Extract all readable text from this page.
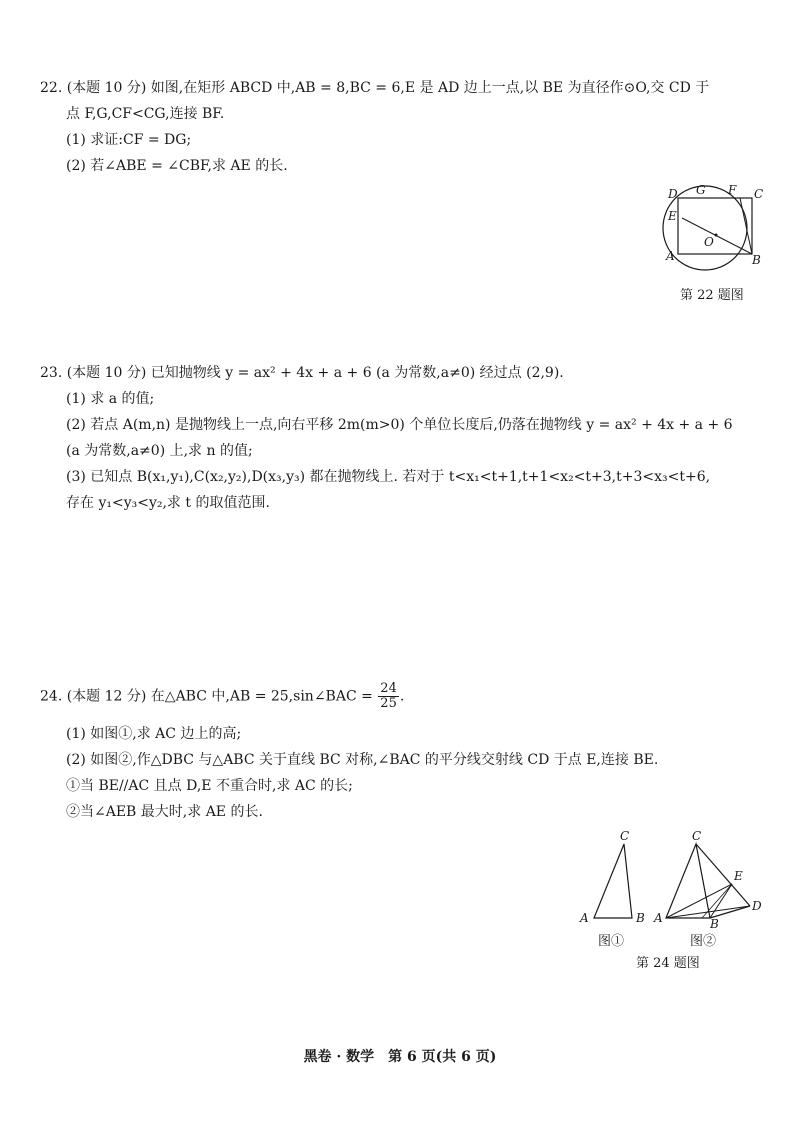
22. (本题 10 分) 如图,在矩形 ABCD 中,AB = 8,BC = 6,E 是 AD 边上一点,以 BE 为直径作⊙O,交 CD 于
点 F,G,CF<CG,连接 BF.
(1) 求证:CF = DG;
(2) 若∠ABE = ∠CBF,求 AE 的长.
D G F C
E
O
A	B
第 22 题图
23. (本题 10 分) 已知抛物线 y = ax² + 4x + a + 6 (a 为常数,a≠0) 经过点 (2,9).
(1) 求 a 的值;
(2) 若点 A(m,n) 是抛物线上一点,向右平移 2m(m>0) 个单位长度后,仍落在抛物线 y = ax² + 4x + a + 6
(a 为常数,a≠0) 上,求 n 的值;
(3) 已知点 B(x₁,y₁),C(x₂,y₂),D(x₃,y₃) 都在抛物线上. 若对于 t<x₁<t+1,t+1<x₂<t+3,t+3<x₃<t+6,
存在 y₁<y₃<y₂,求 t 的取值范围.
24. (本题 12 分) 在△ABC 中,AB = 25,sin∠BAC = $\frac{24}{25}$ .
(1) 如图①,求 AC 边上的高;
(2) 如图②,作△DBC 与△ABC 关于直线 BC 对称,∠BAC 的平分线交射线 CD 于点 E,连接 BE.
①当 BE//AC 且点 D,E 不重合时,求 AC 的长;
②当∠AEB 最大时,求 AE 的长.
C
A	B
图①
C
E
D
A	B
图②
第 24 题图
黑卷 · 数学　第 6 页(共 6 页)
